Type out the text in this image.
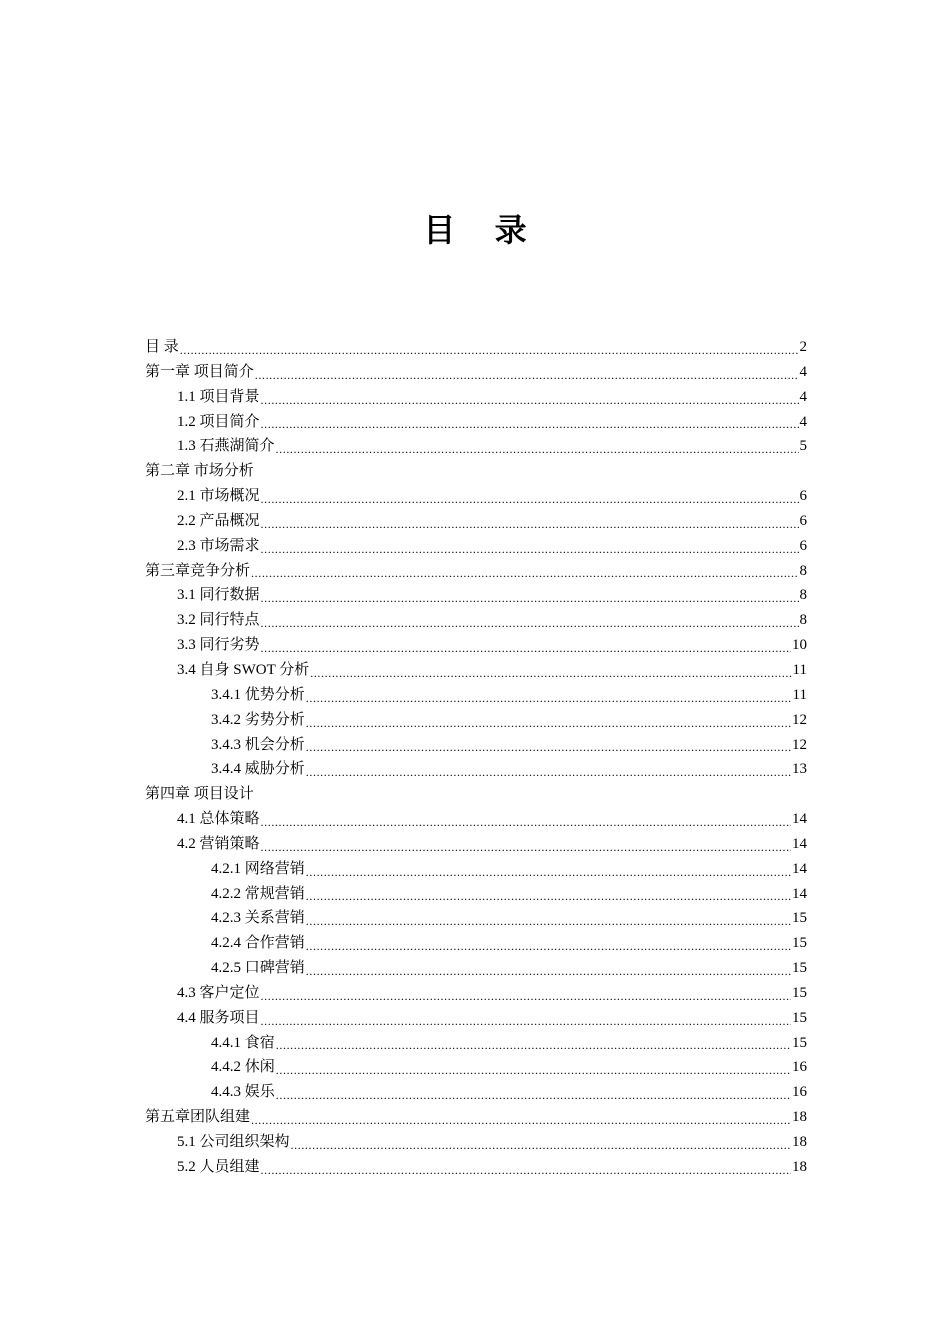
目 录
目 录 .....	2
第一章 项目简介 .....	4
1.1 项目背景 .....	4
1.2 项目简介 .....	4
1.3 石燕湖简介 .....	5
第二章 市场分析
2.1 市场概况 .....	6
2.2 产品概况 .....	6
2.3 市场需求 .....	6
第三章竞争分析 .....	8
3.1 同行数据 .....	8
3.2 同行特点 .....	8
3.3 同行劣势 .....	10
3.4 自身 SWOT 分析 .....	11
3.4.1 优势分析 .....	11
3.4.2 劣势分析 .....	12
3.4.3 机会分析 .....	12
3.4.4 威胁分析 .....	13
第四章 项目设计
4.1 总体策略 .....	14
4.2 营销策略 .....	14
4.2.1 网络营销 .....	14
4.2.2 常规营销 .....	14
4.2.3 关系营销 .....	15
4.2.4 合作营销 .....	15
4.2.5 口碑营销 .....	15
4.3 客户定位 .....	15
4.4 服务项目 .....	15
4.4.1 食宿 .....	15
4.4.2 休闲 .....	16
4.4.3 娱乐 .....	16
第五章团队组建 .....	18
5.1 公司组织架构 .....	18
5.2 人员组建 .....	18
